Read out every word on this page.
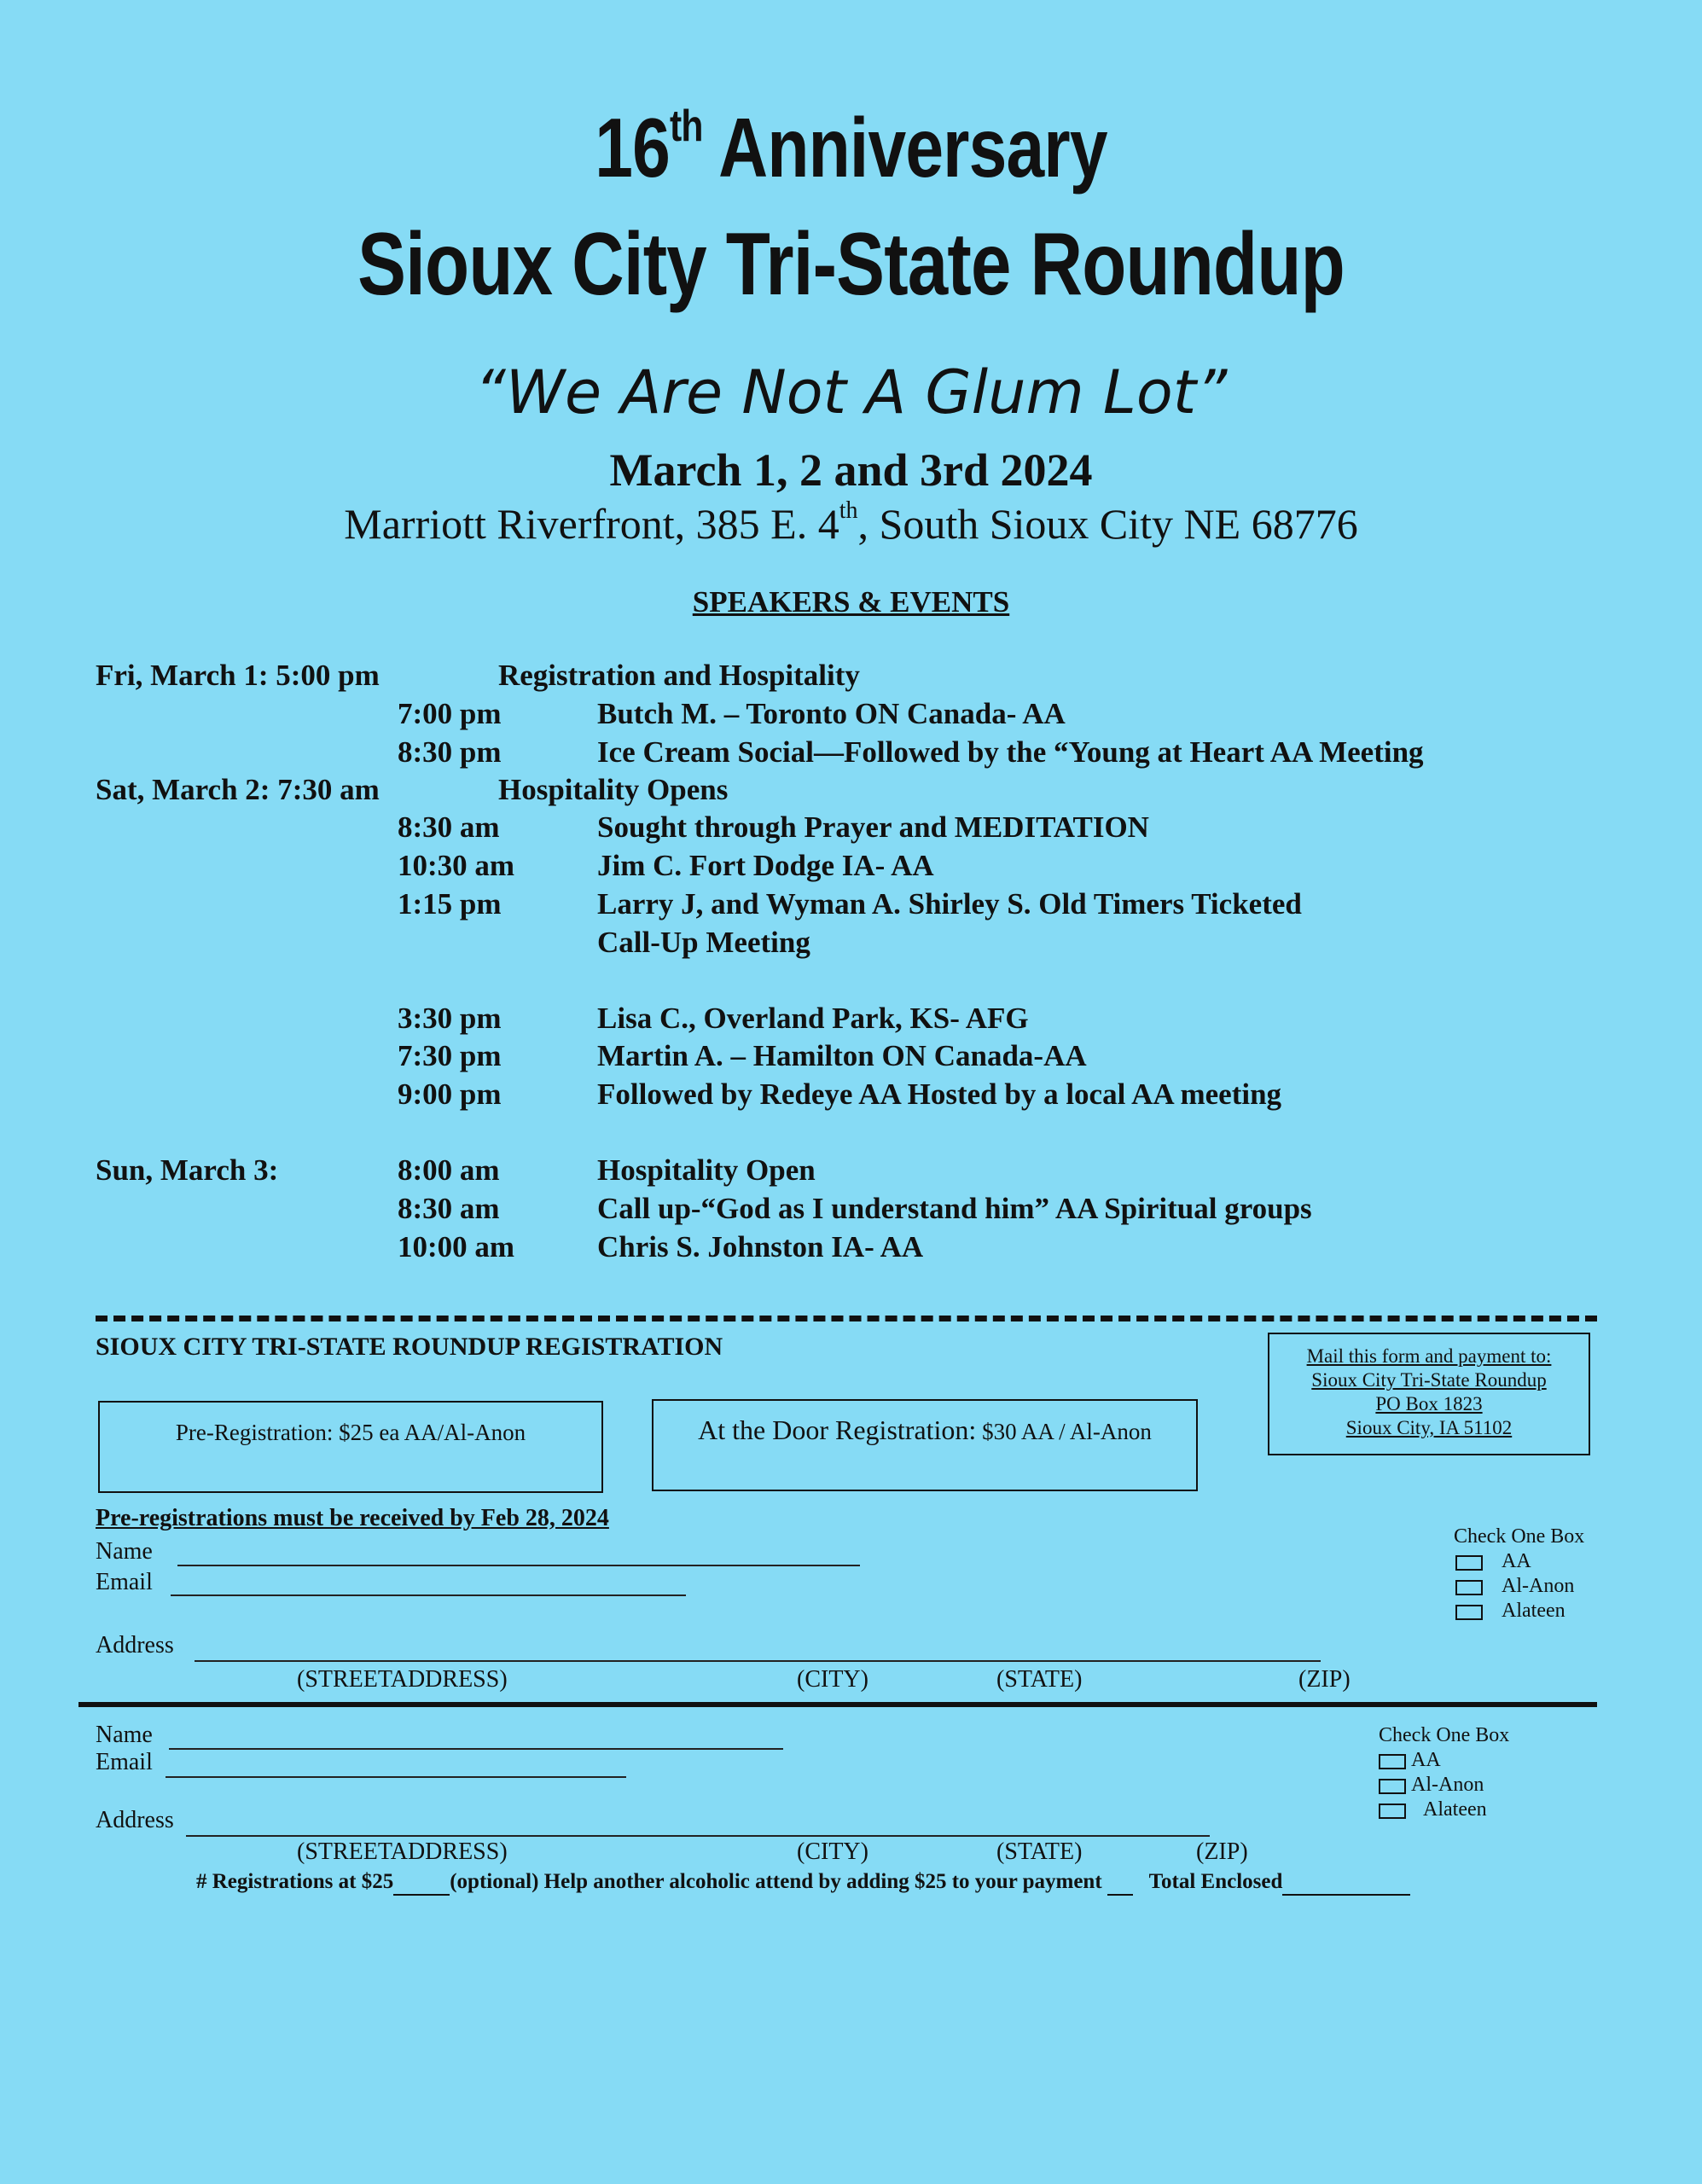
16th Anniversary
Sioux City Tri-State Roundup
“We Are Not A Glum Lot”
March 1, 2 and 3rd 2024
Marriott Riverfront, 385 E. 4th, South Sioux City NE 68776
SPEAKERS & EVENTS
Fri, March 1: 5:00 pm	Registration and Hospitality
7:00 pm	Butch M. – Toronto ON Canada- AA
8:30 pm	Ice Cream Social—Followed by the “Young at Heart AA Meeting
Sat, March 2: 7:30 am	Hospitality Opens
8:30 am	Sought through Prayer and MEDITATION
10:30 am	Jim C. Fort Dodge IA- AA
1:15 pm	Larry J, and Wyman A. Shirley S. Old Timers Ticketed
Call-Up Meeting
3:30 pm	Lisa C., Overland Park, KS- AFG
7:30 pm	Martin A. – Hamilton ON Canada-AA
9:00 pm	Followed by Redeye AA Hosted by a local AA meeting
Sun, March 3:	8:00 am	Hospitality Open
8:30 am	Call up-“God as I understand him” AA Spiritual groups
10:00 am	Chris S. Johnston IA- AA
SIOUX CITY TRI-STATE ROUNDUP REGISTRATION	Mail this form and payment to:
Sioux City Tri-State Roundup
PO Box 1823
Sioux City, IA 51102
Pre-Registration: $25 ea AA/Al-Anon	At the Door Registration: $30 AA / Al-Anon
Pre-registrations must be received by Feb 28, 2024
Name
Email
Address
(STREETADDRESS)	(CITY)	(STATE)	(ZIP)
Check One Box
AA
Al-Anon
Alateen
Name
Email
Address
(STREETADDRESS)	(CITY)	(STATE)	(ZIP)
Check One Box
AA
Al-Anon
Alateen
# Registrations at $25	(optional) Help another alcoholic attend by adding $25 to your payment Total Enclosed
